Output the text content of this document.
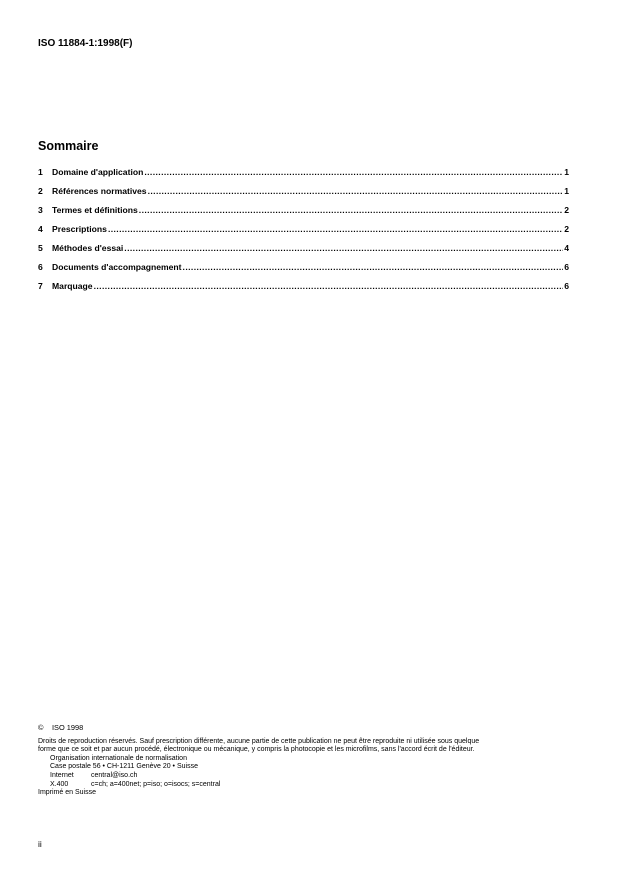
ISO 11884-1:1998(F)
Sommaire
1	Domaine d'application .....	1
2	Références normatives .....	1
3	Termes et définitions .....	2
4	Prescriptions .....	2
5	Méthodes d'essai .....	4
6	Documents d'accompagnement .....	6
7	Marquage .....	6
©	ISO 1998
Droits de reproduction réservés. Sauf prescription différente, aucune partie de cette publication ne peut être reproduite ni utilisée sous quelque
forme que ce soit et par aucun procédé, électronique ou mécanique, y compris la photocopie et les microfilms, sans l'accord écrit de l'éditeur.
Organisation internationale de normalisation
Case postale 56 • CH-1211 Genève 20 • Suisse
Internet	central@iso.ch
X.400	c=ch; a=400net; p=iso; o=isocs; s=central
Imprimé en Suisse
ii
